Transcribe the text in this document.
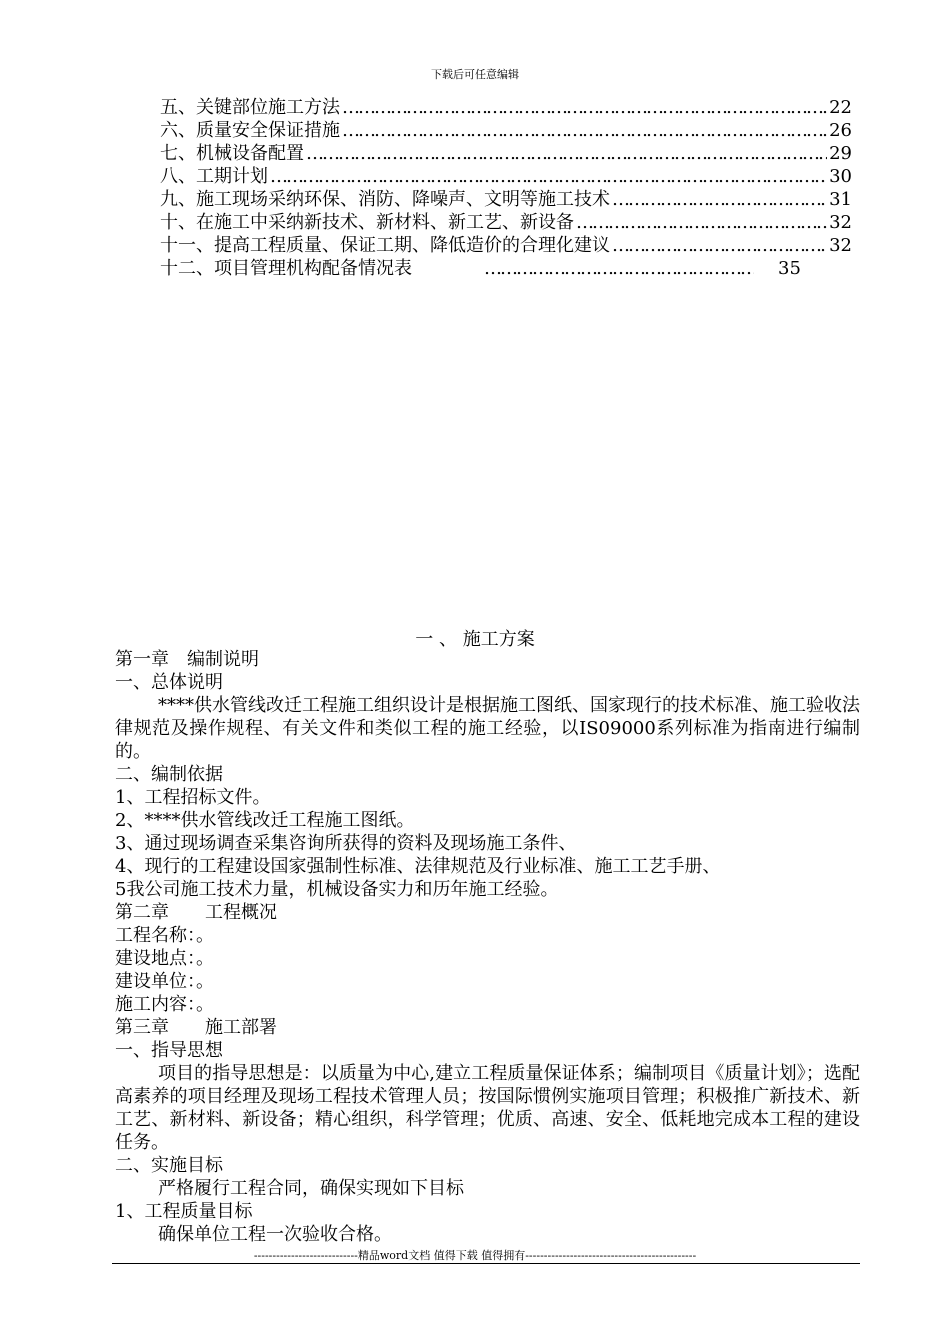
下载后可任意编辑
五、关键部位施工方法 …………………………………………………………………………………………………………………………………………	22
六、质量安全保证措施 …………………………………………………………………………………………………………………………………………	26
七、机械设备配置 …………………………………………………………………………………………………………………………………………	29
八、工期计划 …………………………………………………………………………………………………………………………………………	30
九、施工现场采纳环保、消防、降噪声、文明等施工技术 …………………………………………………………………………………………………………………………………………	31
十、在施工中采纳新技术、新材料、新工艺、新设备 …………………………………………………………………………………………………………………………………………	32
十一、提高工程质量、保证工期、降低造价的合理化建议 …………………………………………………………………………………………………………………………………………	32
十二、项目管理机构配备情况表 …………………………………………………………………………………………………………………………………………	35
一 、 施工方案

第一章　编制说明

一、总体说明

****供水管线改迁工程施工组织设计是根据施工图纸、国家现行的技术标准、施工验收法律规范及操作规程、有关文件和类似工程的施工经验，以IS09000系列标准为指南进行编制的。

二、编制依据

1、工程招标文件。

2、****供水管线改迁工程施工图纸。

3、通过现场调查采集咨询所获得的资料及现场施工条件、

4、现行的工程建设国家强制性标准、法律规范及行业标准、施工工艺手册、

5我公司施工技术力量，机械设备实力和历年施工经验。

第二章　　工程概况

工程名称：。

建设地点：。

建设单位：。

施工内容：。

第三章　　施工部署

一、指导思想

项目的指导思想是：以质量为中心,建立工程质量保证体系；编制项目《质量计划》；选配高素养的项目经理及现场工程技术管理人员；按国际惯例实施项目管理；积极推广新技术、新工艺、新材料、新设备；精心组织，科学管理；优质、高速、安全、低耗地完成本工程的建设任务。

二、实施目标

严格履行工程合同，确保实现如下目标

1、工程质量目标

确保单位工程一次验收合格。

----------------------------精品word文档 值得下载 值得拥有----------------------------------------------
